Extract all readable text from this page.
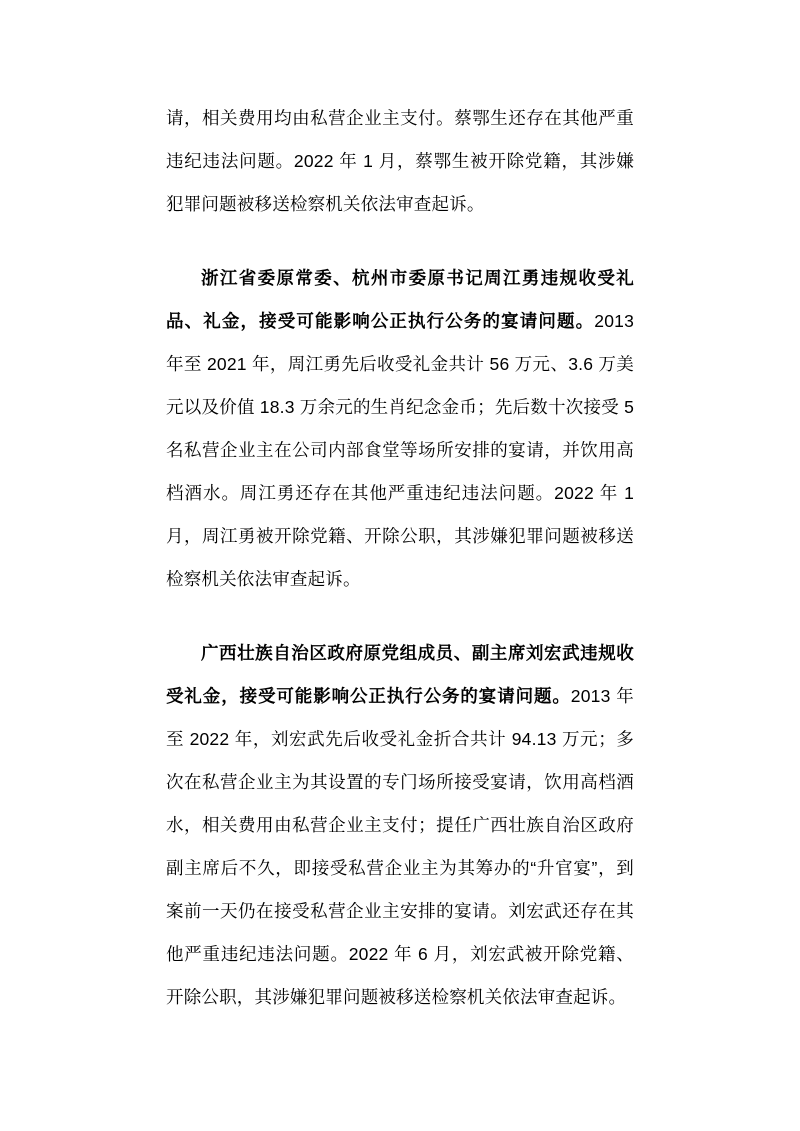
请，相关费用均由私营企业主支付。蔡鄂生还存在其他严重违纪违法问题。2022 年 1 月，蔡鄂生被开除党籍，其涉嫌犯罪问题被移送检察机关依法审查起诉。

浙江省委原常委、杭州市委原书记周江勇违规收受礼品、礼金，接受可能影响公正执行公务的宴请问题。2013 年至 2021 年，周江勇先后收受礼金共计 56 万元、3.6 万美元以及价值 18.3 万余元的生肖纪念金币；先后数十次接受 5 名私营企业主在公司内部食堂等场所安排的宴请，并饮用高档酒水。周江勇还存在其他严重违纪违法问题。2022 年 1 月，周江勇被开除党籍、开除公职，其涉嫌犯罪问题被移送检察机关依法审查起诉。

广西壮族自治区政府原党组成员、副主席刘宏武违规收受礼金，接受可能影响公正执行公务的宴请问题。2013 年至 2022 年，刘宏武先后收受礼金折合共计 94.13 万元；多次在私营企业主为其设置的专门场所接受宴请，饮用高档酒水，相关费用由私营企业主支付；提任广西壮族自治区政府副主席后不久，即接受私营企业主为其筹办的“升官宴”，到案前一天仍在接受私营企业主安排的宴请。刘宏武还存在其他严重违纪违法问题。2022 年 6 月，刘宏武被开除党籍、开除公职，其涉嫌犯罪问题被移送检察机关依法审查起诉。
